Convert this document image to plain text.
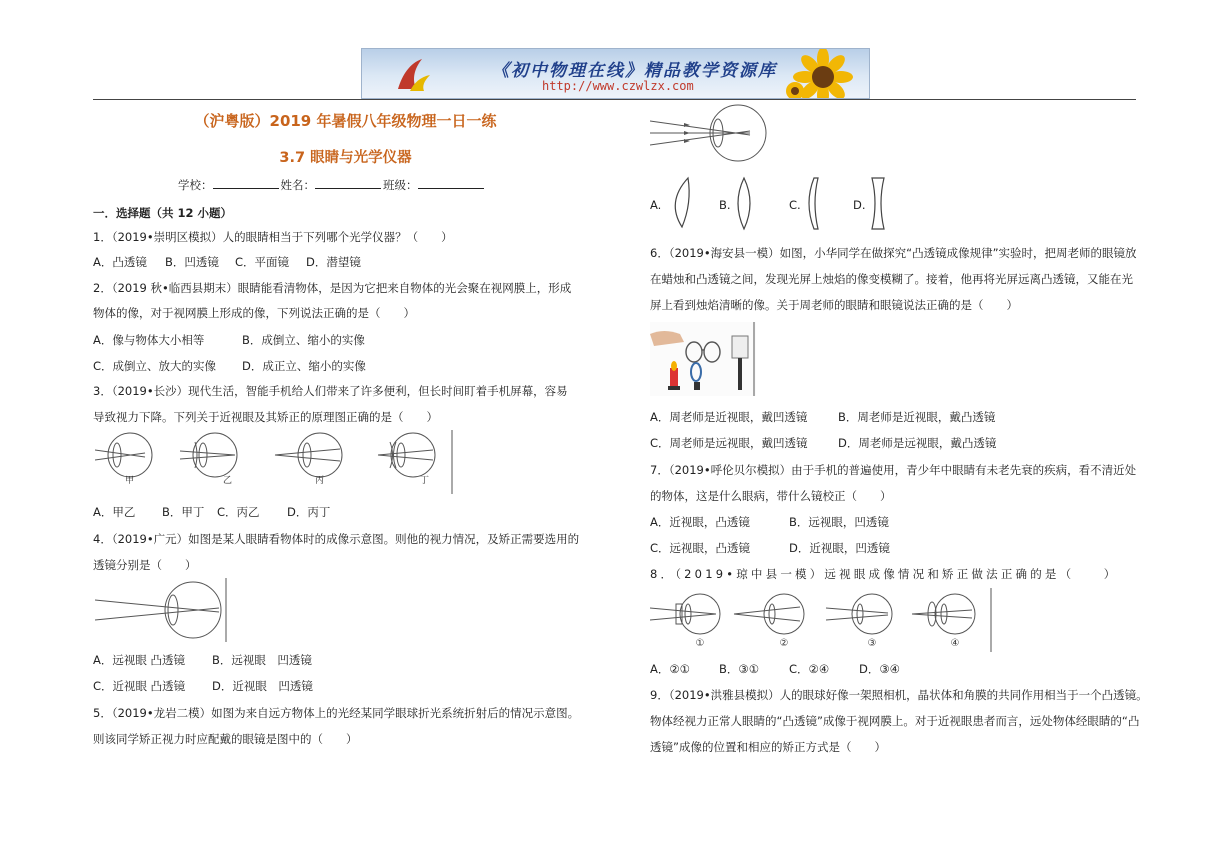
《初中物理在线》精品教学资源库
http://www.czwlzx.com
（沪粤版）2019 年暑假八年级物理一日一练
3.7 眼睛与光学仪器
学校：	姓名：	班级：
一．选择题（共 12 小题）
1．（2019•崇明区模拟）人的眼睛相当于下列哪个光学仪器？（　　）
A．凸透镜 B．凹透镜 C．平面镜 D．潜望镜
2．（2019 秋•临西县期末）眼睛能看清物体，是因为它把来自物体的光会聚在视网膜上，形成
物体的像，对于视网膜上形成的像，下列说法正确的是（　　）
A．像与物体大小相等	B．成倒立、缩小的实像
C．成倒立、放大的实像 D．成正立、缩小的实像
3．（2019•长沙）现代生活，智能手机给人们带来了许多便利，但长时间盯着手机屏幕，容易
导致视力下降。下列关于近视眼及其矫正的原理图正确的是（　　）
甲	乙	丙	丁
A．甲乙 B．甲丁 C．丙乙 D．丙丁
4．（2019•广元）如图是某人眼睛看物体时的成像示意图。则他的视力情况，及矫正需要选用的
透镜分别是（　　）
A．远视眼 凸透镜 B．远视眼　凹透镜
C．近视眼 凸透镜 D．近视眼　凹透镜
5．（2019•龙岩二模）如图为来自远方物体上的光经某同学眼球折光系统折射后的情况示意图。
则该同学矫正视力时应配戴的眼镜是图中的（　　）
A.	B.	C.	D.
6．（2019•海安县一模）如图，小华同学在做探究“凸透镜成像规律”实验时，把周老师的眼镜放
在蜡烛和凸透镜之间，发现光屏上烛焰的像变模糊了。接着，他再将光屏远离凸透镜，又能在光
屏上看到烛焰清晰的像。关于周老师的眼睛和眼镜说法正确的是（　　）
A．周老师是近视眼，戴凹透镜	B．周老师是近视眼，戴凸透镜
C．周老师是远视眼，戴凹透镜	D．周老师是远视眼，戴凸透镜
7．（2019•呼伦贝尔模拟）由于手机的普遍使用，青少年中眼睛有未老先衰的疾病，看不清近处
的物体，这是什么眼病，带什么镜校正（　　）
A．近视眼，凸透镜	B．远视眼，凹透镜
C．远视眼，凸透镜	D．近视眼，凹透镜
8．（2019•琼中县一模）远视眼成像情况和矫正做法正确的是（　　）
①	②	③	④
A．②①	B．③①	C．②④	D．③④
9．（2019•洪雅县模拟）人的眼球好像一架照相机，晶状体和角膜的共同作用相当于一个凸透镜。
物体经视力正常人眼睛的“凸透镜”成像于视网膜上。对于近视眼患者而言，远处物体经眼睛的“凸
透镜”成像的位置和相应的矫正方式是（　　）
